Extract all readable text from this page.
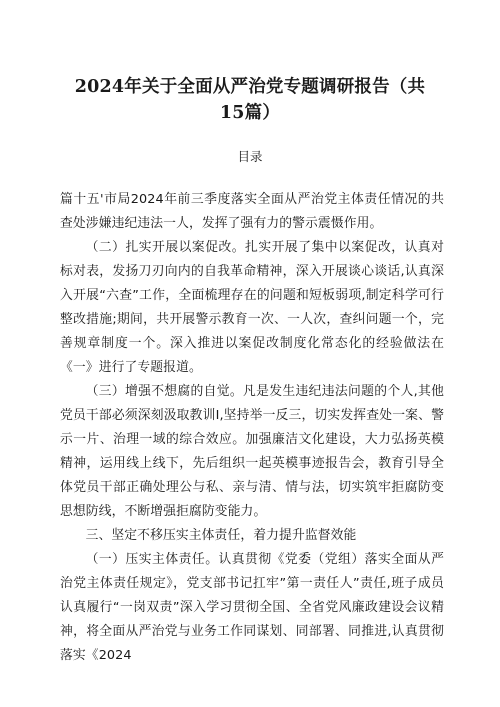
2024年关于全面从严治党专题调研报告（共15篇）
目录

篇十五'市局2024年前三季度落实全面从严治党主体责任情况的共查处涉嫌违纪违法一人，发挥了强有力的警示震慑作用。

（二）扎实开展以案促改。扎实开展了集中以案促改，认真对标对表，发扬刀刃向内的自我革命精神，深入开展谈心谈话,认真深入开展“六查”工作，全面梳理存在的问题和短板弱项,制定科学可行整改措施;期间，共开展警示教育一次、一人次，查纠问题一个，完善规章制度一个。深入推进以案促改制度化常态化的经验做法在《一》进行了专题报道。

（三）增强不想腐的自觉。凡是发生违纪违法问题的个人,其他党员干部必须深刻汲取教训I,坚持举一反三，切实发挥查处一案、警示一片、治理一域的综合效应。加强廉洁文化建设，大力弘扬英模精神，运用线上线下，先后组织一起英模事迹报告会，教育引导全体党员干部正确处理公与私、亲与清、情与法，切实筑牢拒腐防变思想防线，不断增强拒腐防变能力。

三、坚定不移压实主体责任，着力提升监督效能

（一）压实主体责任。认真贯彻《党委（党组）落实全面从严治党主体责任规定》，党支部书记扛牢”第一责任人”责任,班子成员认真履行“一岗双责”深入学习贯彻全国、全省党风廉政建设会议精神，将全面从严治党与业务工作同谋划、同部署、同推进,认真贯彻落实《2024
